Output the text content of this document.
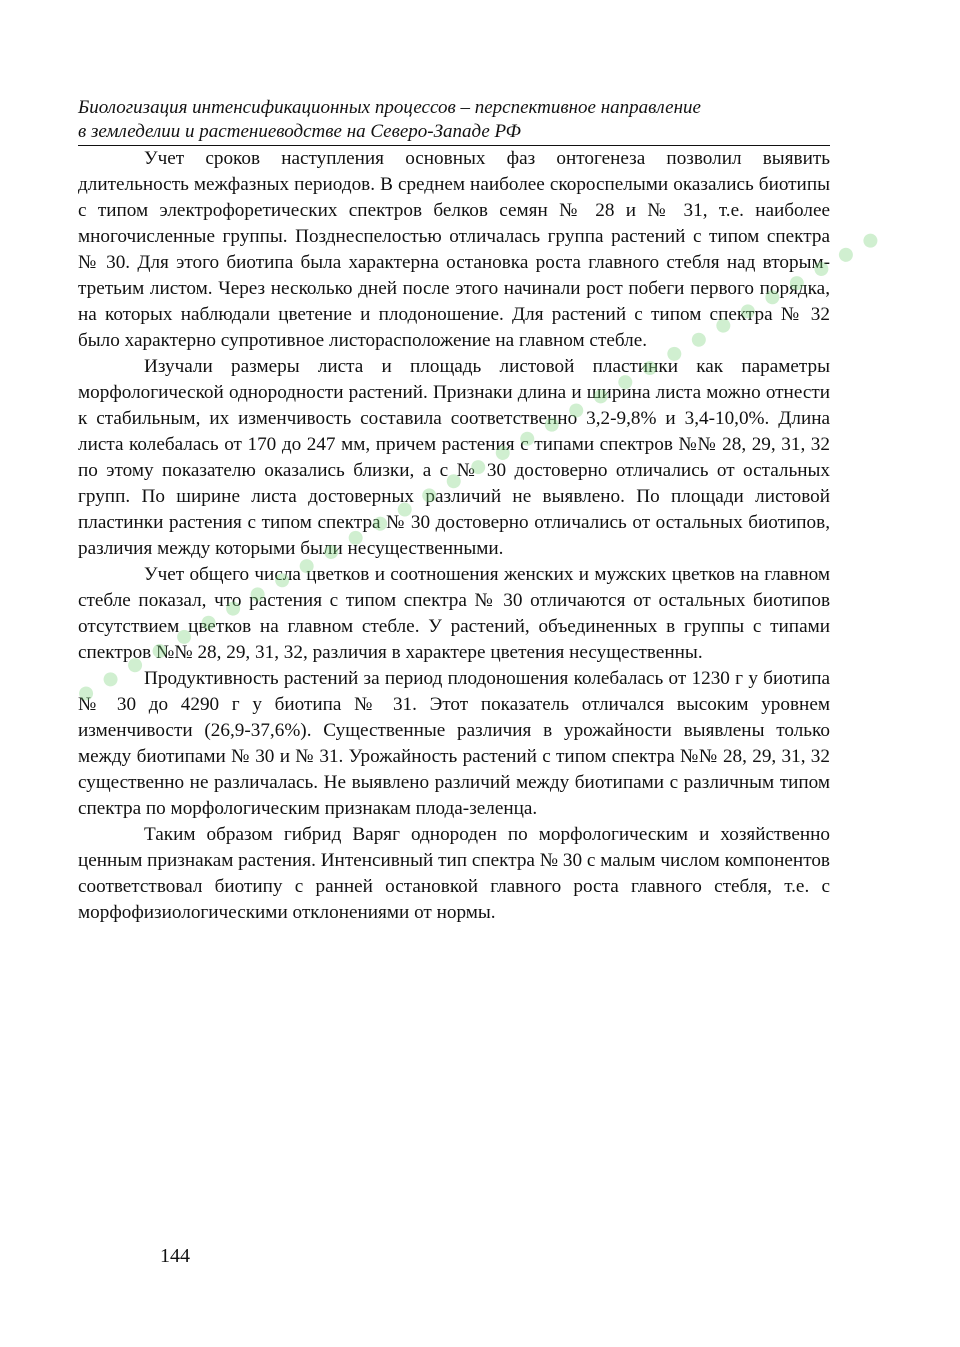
Биологизация интенсификационных процессов – перспективное направление
в земледелии и растениеводстве на Северо-Западе РФ

Учет сроков наступления основных фаз онтогенеза позволил выявить длительность межфазных периодов. В среднем наиболее скороспелыми оказались биотипы с типом электрофоретических спектров белков семян № 28 и № 31, т.е. наиболее многочисленные группы. Позднеспелостью отличалась группа растений с типом спектра № 30. Для этого биотипа была характерна остановка роста главного стебля над вторым-третьим листом. Через несколько дней после этого начинали рост побеги первого порядка, на которых наблюдали цветение и плодоношение. Для растений с типом спектра № 32 было характерно супротивное листорасположение на главном стебле.

Изучали размеры листа и площадь листовой пластинки как параметры морфологической однородности растений. Признаки длина и ширина листа можно отнести к стабильным, их изменчивость составила соответственно 3,2-9,8% и 3,4-10,0%. Длина листа колебалась от 170 до 247 мм, причем растения с типами спектров №№ 28, 29, 31, 32 по этому показателю оказались близки, а с № 30 достоверно отличались от остальных групп. По ширине листа достоверных различий не выявлено. По площади листовой пластинки растения с типом спектра № 30 достоверно отличались от остальных биотипов, различия между которыми были несущественными.

Учет общего числа цветков и соотношения женских и мужских цветков на главном стебле показал, что растения с типом спектра № 30 отличаются от остальных биотипов отсутствием цветков на главном стебле. У растений, объединенных в группы с типами спектров №№ 28, 29, 31, 32, различия в характере цветения несущественны.

Продуктивность растений за период плодоношения колебалась от 1230 г у биотипа № 30 до 4290 г у биотипа № 31. Этот показатель отличался высоким уровнем изменчивости (26,9-37,6%). Существенные различия в урожайности выявлены только между биотипами № 30 и № 31. Урожайность растений с типом спектра №№ 28, 29, 31, 32 существенно не различалась. Не выявлено различий между биотипами с различным типом спектра по морфологическим признакам плода-зеленца.

Таким образом гибрид Варяг однороден по морфологическим и хозяйственно ценным признакам растения. Интенсивный тип спектра № 30 с малым числом компонентов соответствовал биотипу с ранней остановкой главного роста главного стебля, т.е. с морфофизиологическими отклонениями от нормы.

144
